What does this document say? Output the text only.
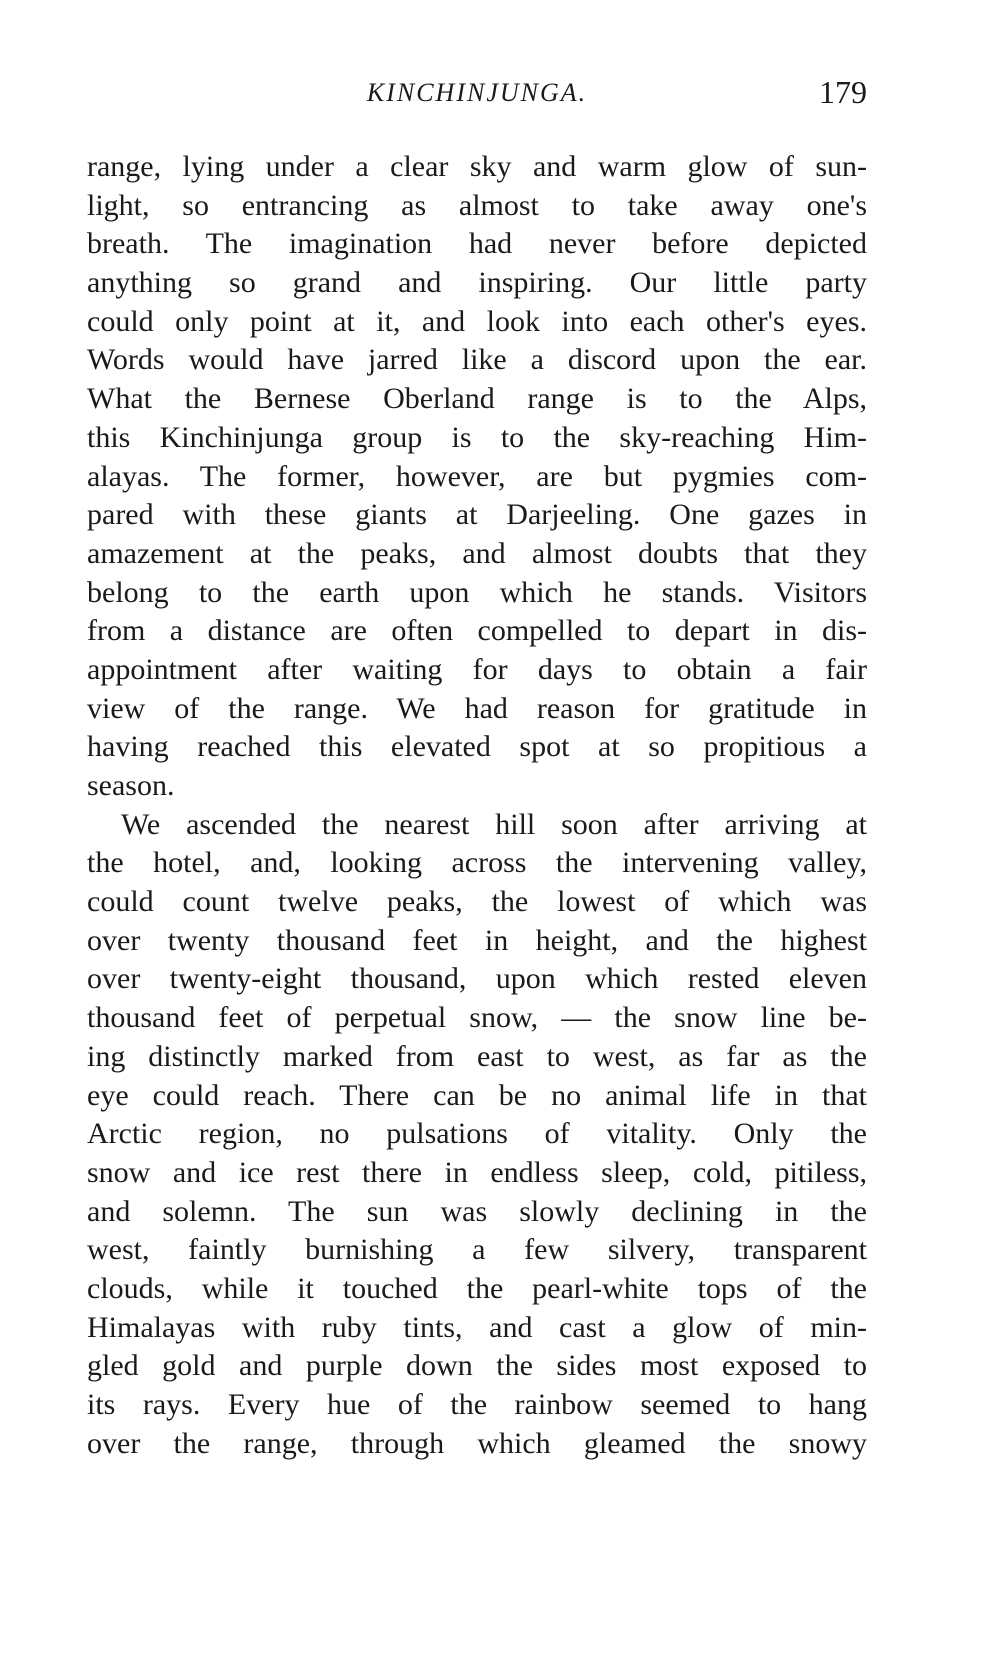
KINCHINJUNGA.	179
range, lying under a clear sky and warm glow of sun-
light, so entrancing as almost to take away one's
breath. The imagination had never before depicted
anything so grand and inspiring. Our little party
could only point at it, and look into each other's eyes.
Words would have jarred like a discord upon the ear.
What the Bernese Oberland range is to the Alps,
this Kinchinjunga group is to the sky-reaching Him-
alayas. The former, however, are but pygmies com-
pared with these giants at Darjeeling. One gazes in
amazement at the peaks, and almost doubts that they
belong to the earth upon which he stands. Visitors
from a distance are often compelled to depart in dis-
appointment after waiting for days to obtain a fair
view of the range. We had reason for gratitude in
having reached this elevated spot at so propitious a
season.
We ascended the nearest hill soon after arriving at
the hotel, and, looking across the intervening valley,
could count twelve peaks, the lowest of which was
over twenty thousand feet in height, and the highest
over twenty-eight thousand, upon which rested eleven
thousand feet of perpetual snow, — the snow line be-
ing distinctly marked from east to west, as far as the
eye could reach. There can be no animal life in that
Arctic region, no pulsations of vitality. Only the
snow and ice rest there in endless sleep, cold, pitiless,
and solemn. The sun was slowly declining in the
west, faintly burnishing a few silvery, transparent
clouds, while it touched the pearl-white tops of the
Himalayas with ruby tints, and cast a glow of min-
gled gold and purple down the sides most exposed to
its rays. Every hue of the rainbow seemed to hang
over the range, through which gleamed the snowy
